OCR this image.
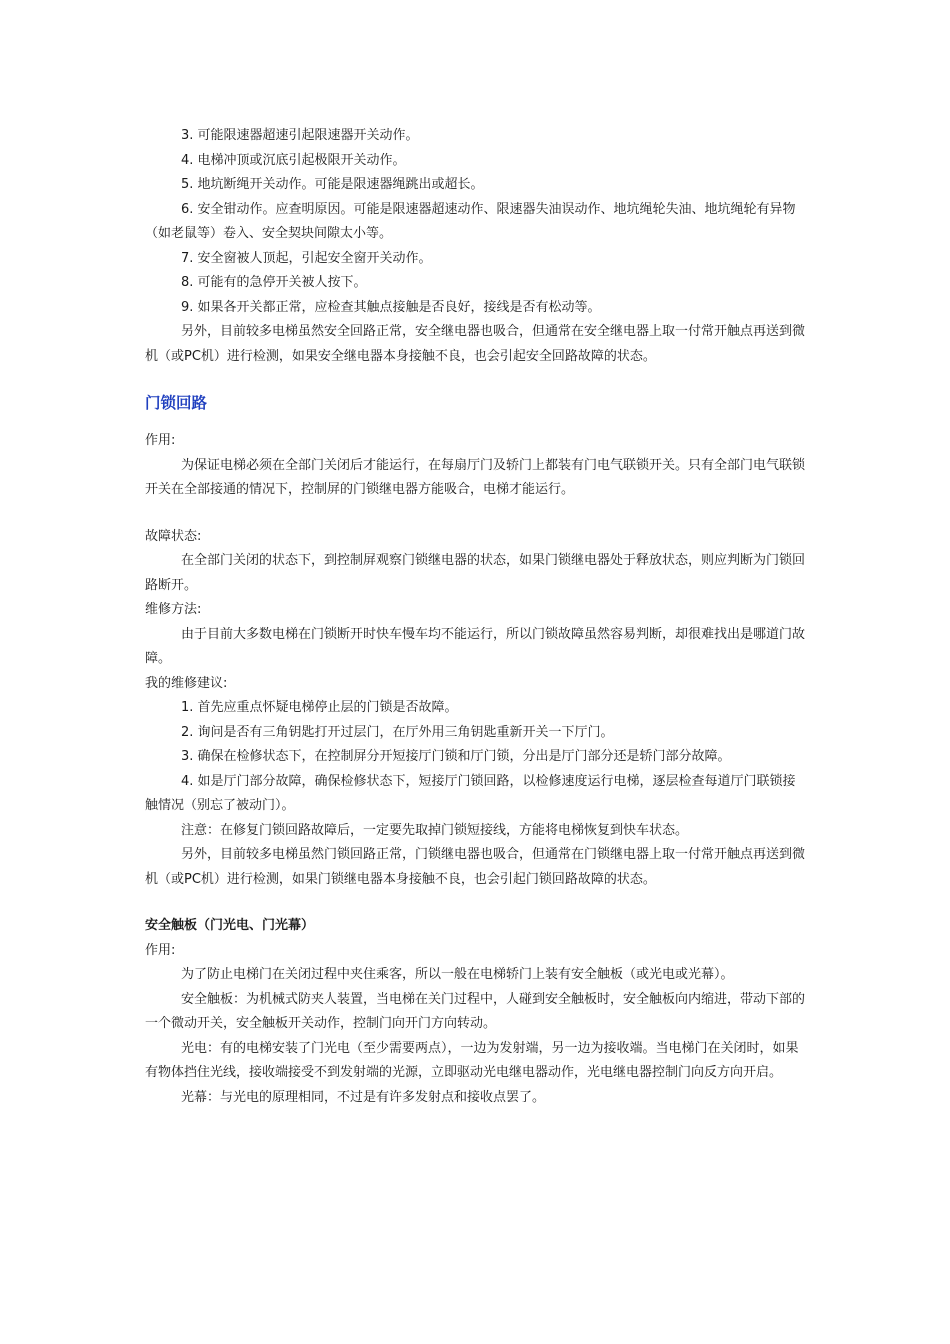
3. 可能限速器超速引起限速器开关动作。

4. 电梯冲顶或沉底引起极限开关动作。

5. 地坑断绳开关动作。可能是限速器绳跳出或超长。

6. 安全钳动作。应查明原因。可能是限速器超速动作、限速器失油误动作、地坑绳轮失油、地坑绳轮有异物（如老鼠等）卷入、安全契块间隙太小等。

7. 安全窗被人顶起，引起安全窗开关动作。

8. 可能有的急停开关被人按下。

9. 如果各开关都正常，应检查其触点接触是否良好，接线是否有松动等。

另外，目前较多电梯虽然安全回路正常，安全继电器也吸合，但通常在安全继电器上取一付常开触点再送到微机（或PC机）进行检测，如果安全继电器本身接触不良，也会引起安全回路故障的状态。

门锁回路

作用:

为保证电梯必须在全部门关闭后才能运行，在每扇厅门及轿门上都装有门电气联锁开关。只有全部门电气联锁开关在全部接通的情况下，控制屏的门锁继电器方能吸合，电梯才能运行。

故障状态:

在全部门关闭的状态下，到控制屏观察门锁继电器的状态，如果门锁继电器处于释放状态，则应判断为门锁回路断开。

维修方法:

由于目前大多数电梯在门锁断开时快车慢车均不能运行，所以门锁故障虽然容易判断，却很难找出是哪道门故障。

我的维修建议:

1. 首先应重点怀疑电梯停止层的门锁是否故障。

2. 询问是否有三角钥匙打开过层门，在厅外用三角钥匙重新开关一下厅门。

3. 确保在检修状态下，在控制屏分开短接厅门锁和厅门锁，分出是厅门部分还是轿门部分故障。

4. 如是厅门部分故障，确保检修状态下，短接厅门锁回路，以检修速度运行电梯，逐层检查每道厅门联锁接触情况（别忘了被动门）。

注意：在修复门锁回路故障后，一定要先取掉门锁短接线，方能将电梯恢复到快车状态。

另外，目前较多电梯虽然门锁回路正常，门锁继电器也吸合，但通常在门锁继电器上取一付常开触点再送到微机（或PC机）进行检测，如果门锁继电器本身接触不良，也会引起门锁回路故障的状态。

安全触板（门光电、门光幕）

作用:

为了防止电梯门在关闭过程中夹住乘客，所以一般在电梯轿门上装有安全触板（或光电或光幕）。

安全触板：为机械式防夹人装置，当电梯在关门过程中，人碰到安全触板时，安全触板向内缩进，带动下部的一个微动开关，安全触板开关动作，控制门向开门方向转动。

光电：有的电梯安装了门光电（至少需要两点），一边为发射端，另一边为接收端。当电梯门在关闭时，如果有物体挡住光线，接收端接受不到发射端的光源，立即驱动光电继电器动作，光电继电器控制门向反方向开启。

光幕：与光电的原理相同，不过是有许多发射点和接收点罢了。
